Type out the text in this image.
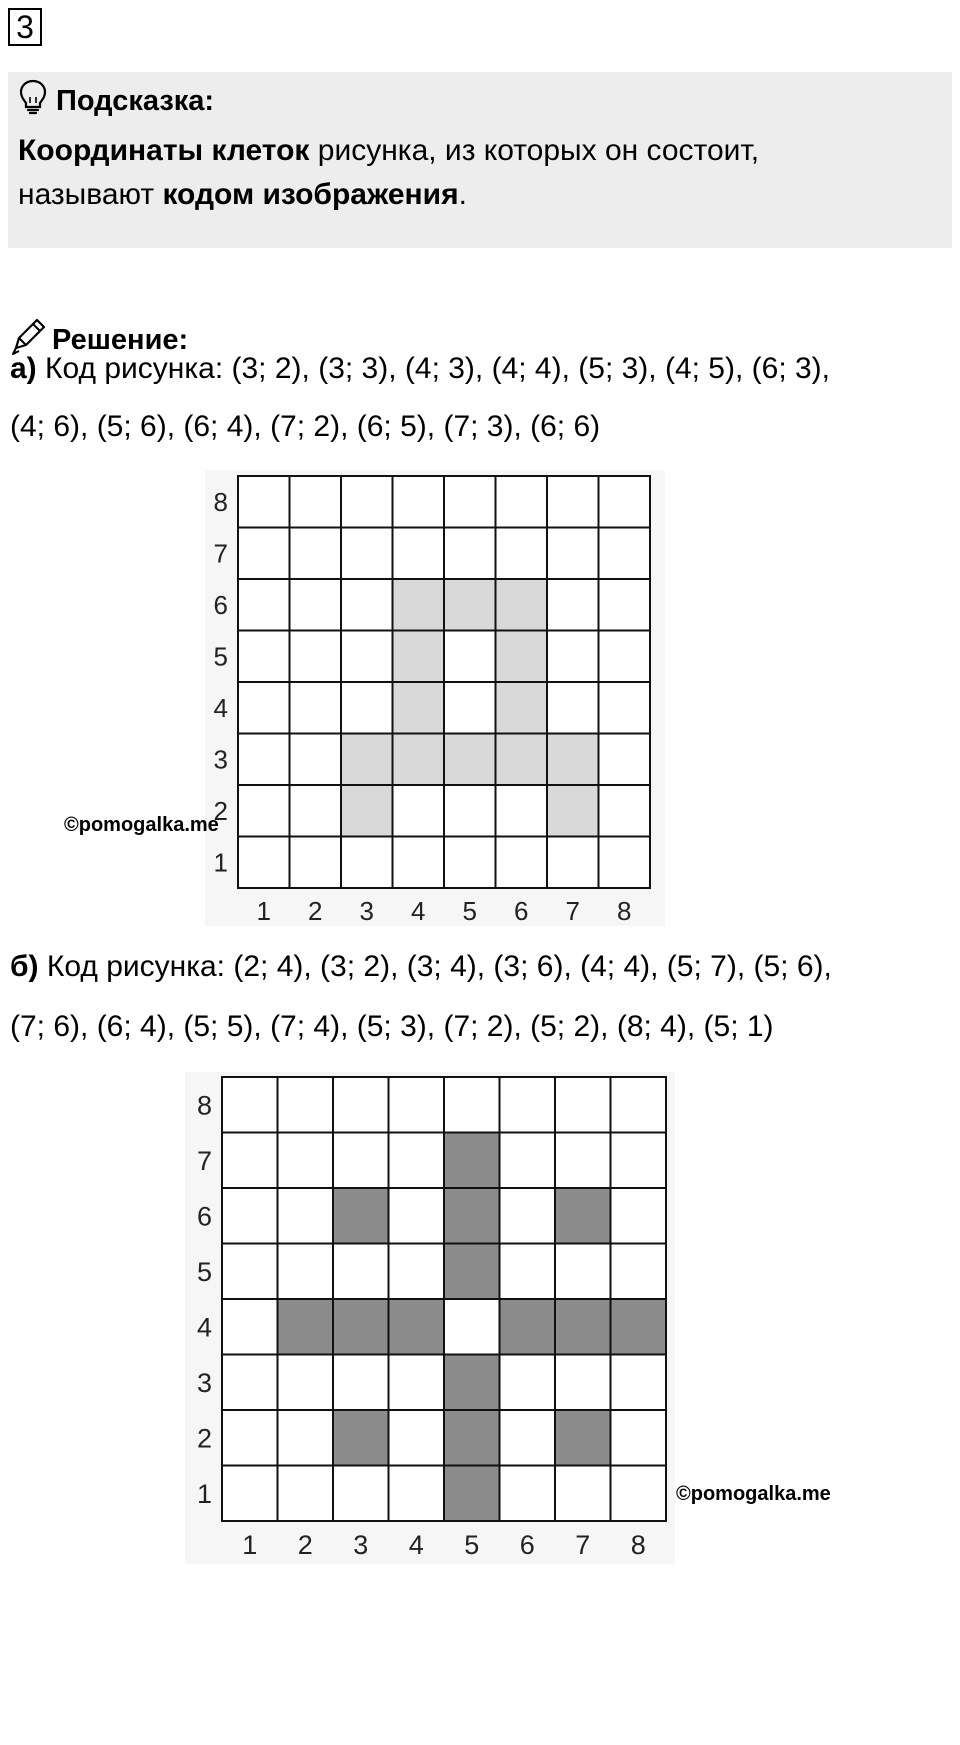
3
Подсказка:
Координаты клеток рисунка, из которых он состоит,
называют кодом изображения.
Решение:
а) Код рисунка: (3; 2), (3; 3), (4; 3), (4; 4), (5; 3), (4; 5), (6; 3),
(4; 6), (5; 6), (6; 4), (7; 2), (6; 5), (7; 3), (6; 6)
1
1
2
2
3
3
4
4
5
5
6
6
7
7
8
8
©pomogalka.me
б) Код рисунка: (2; 4), (3; 2), (3; 4), (3; 6), (4; 4), (5; 7), (5; 6),
(7; 6), (6; 4), (5; 5), (7; 4), (5; 3), (7; 2), (5; 2), (8; 4), (5; 1)
1
1
2
2
3
3
4
4
5
5
6
6
7
7
8
8
©pomogalka.me
